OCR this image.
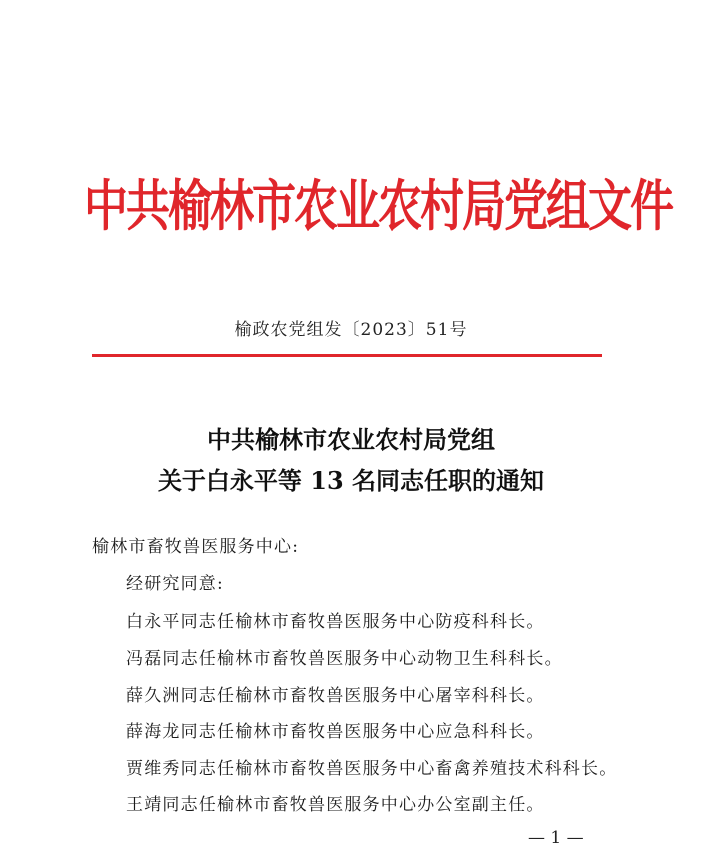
中共榆林市农业农村局党组文件
榆政农党组发〔2023〕51号
中共榆林市农业农村局党组
关于白永平等 13 名同志任职的通知
榆林市畜牧兽医服务中心:
经研究同意:
白永平同志任榆林市畜牧兽医服务中心防疫科科长。
冯磊同志任榆林市畜牧兽医服务中心动物卫生科科长。
薛久洲同志任榆林市畜牧兽医服务中心屠宰科科长。
薛海龙同志任榆林市畜牧兽医服务中心应急科科长。
贾维秀同志任榆林市畜牧兽医服务中心畜禽养殖技术科科长。
王靖同志任榆林市畜牧兽医服务中心办公室副主任。
— 1 —
